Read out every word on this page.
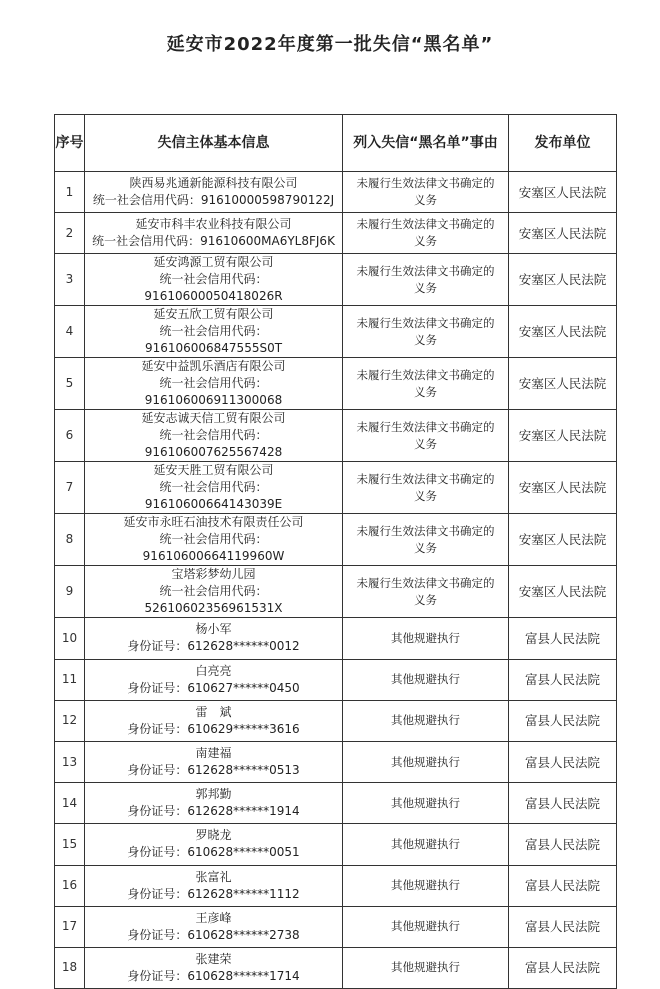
延安市2022年度第一批失信“黑名单”
序号	失信主体基本信息	列入失信“黑名单”事由	发布单位
1	陕西易兆通新能源科技有限公司
统一社会信用代码：91610000598790122J	未履行生效法律文书确定的义务	安塞区人民法院
2	延安市科丰农业科技有限公司
统一社会信用代码：91610600MA6YL8FJ6K	未履行生效法律文书确定的义务	安塞区人民法院
3	延安鸿源工贸有限公司
统一社会信用代码：91610600050418026R	未履行生效法律文书确定的义务	安塞区人民法院
4	延安五欣工贸有限公司
统一社会信用代码：916106006847555S0T	未履行生效法律文书确定的义务	安塞区人民法院
5	延安中益凯乐酒店有限公司
统一社会信用代码：916106006911300068	未履行生效法律文书确定的义务	安塞区人民法院
6	延安志诚天信工贸有限公司
统一社会信用代码：916106007625567428	未履行生效法律文书确定的义务	安塞区人民法院
7	延安天胜工贸有限公司
统一社会信用代码：91610600664143039E	未履行生效法律文书确定的义务	安塞区人民法院
8	延安市永旺石油技术有限责任公司
统一社会信用代码：91610600664119960W	未履行生效法律文书确定的义务	安塞区人民法院
9	宝塔彩梦幼儿园
统一社会信用代码：52610602356961531X	未履行生效法律文书确定的义务	安塞区人民法院
10	杨小军
身份证号：612628******0012	其他规避执行	富县人民法院
11	白亮亮
身份证号：610627******0450	其他规避执行	富县人民法院
12	雷　斌
身份证号：610629******3616	其他规避执行	富县人民法院
13	南建福
身份证号：612628******0513	其他规避执行	富县人民法院
14	郭邦勤
身份证号：612628******1914	其他规避执行	富县人民法院
15	罗晓龙
身份证号：610628******0051	其他规避执行	富县人民法院
16	张富礼
身份证号：612628******1112	其他规避执行	富县人民法院
17	王彦峰
身份证号：610628******2738	其他规避执行	富县人民法院
18	张建荣
身份证号：610628******1714	其他规避执行	富县人民法院
